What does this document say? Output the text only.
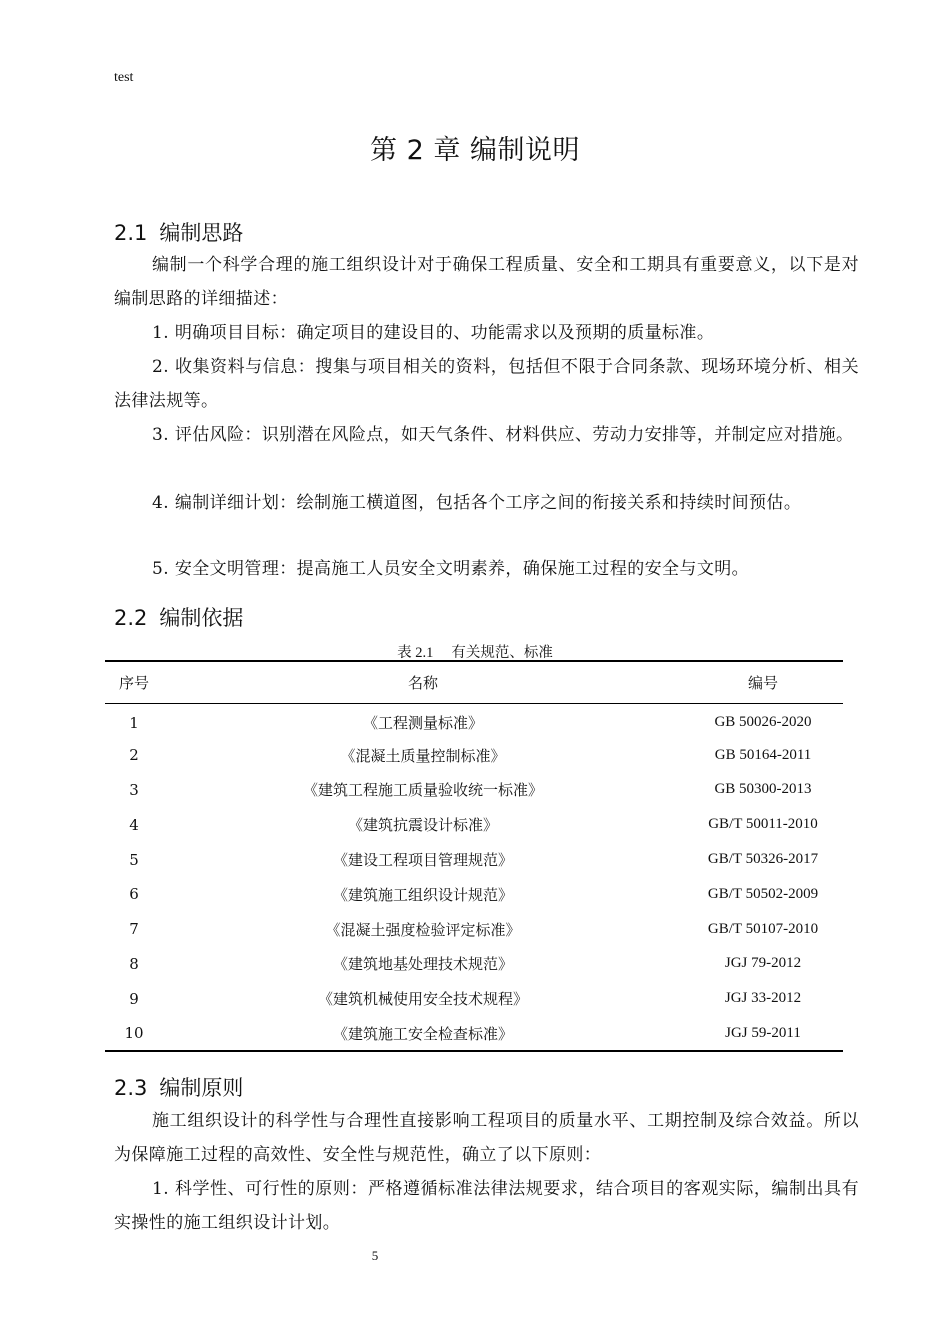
test
第 2 章 编制说明
2.1 编制思路
编制一个科学合理的施工组织设计对于确保工程质量、安全和工期具有重要意义，以下是对编制思路的详细描述：
1. 明确项目目标：确定项目的建设目的、功能需求以及预期的质量标准。
2. 收集资料与信息：搜集与项目相关的资料，包括但不限于合同条款、现场环境分析、相关法律法规等。
3. 评估风险：识别潜在风险点，如天气条件、材料供应、劳动力安排等，并制定应对措施。
4. 编制详细计划：绘制施工横道图，包括各个工序之间的衔接关系和持续时间预估。
5. 安全文明管理：提高施工人员安全文明素养，确保施工过程的安全与文明。
2.2 编制依据
表 2.1 有关规范、标准
序号	名称	编号
1	《工程测量标准》	GB 50026-2020
2	《混凝土质量控制标准》	GB 50164-2011
3	《建筑工程施工质量验收统一标准》	GB 50300-2013
4	《建筑抗震设计标准》	GB/T 50011-2010
5	《建设工程项目管理规范》	GB/T 50326-2017
6	《建筑施工组织设计规范》	GB/T 50502-2009
7	《混凝土强度检验评定标准》	GB/T 50107-2010
8	《建筑地基处理技术规范》	JGJ 79-2012
9	《建筑机械使用安全技术规程》	JGJ 33-2012
10	《建筑施工安全检查标准》	JGJ 59-2011
2.3 编制原则
施工组织设计的科学性与合理性直接影响工程项目的质量水平、工期控制及综合效益。所以为保障施工过程的高效性、安全性与规范性，确立了以下原则：
1. 科学性、可行性的原则：严格遵循标准法律法规要求，结合项目的客观实际，编制出具有实操性的施工组织设计计划。
5
